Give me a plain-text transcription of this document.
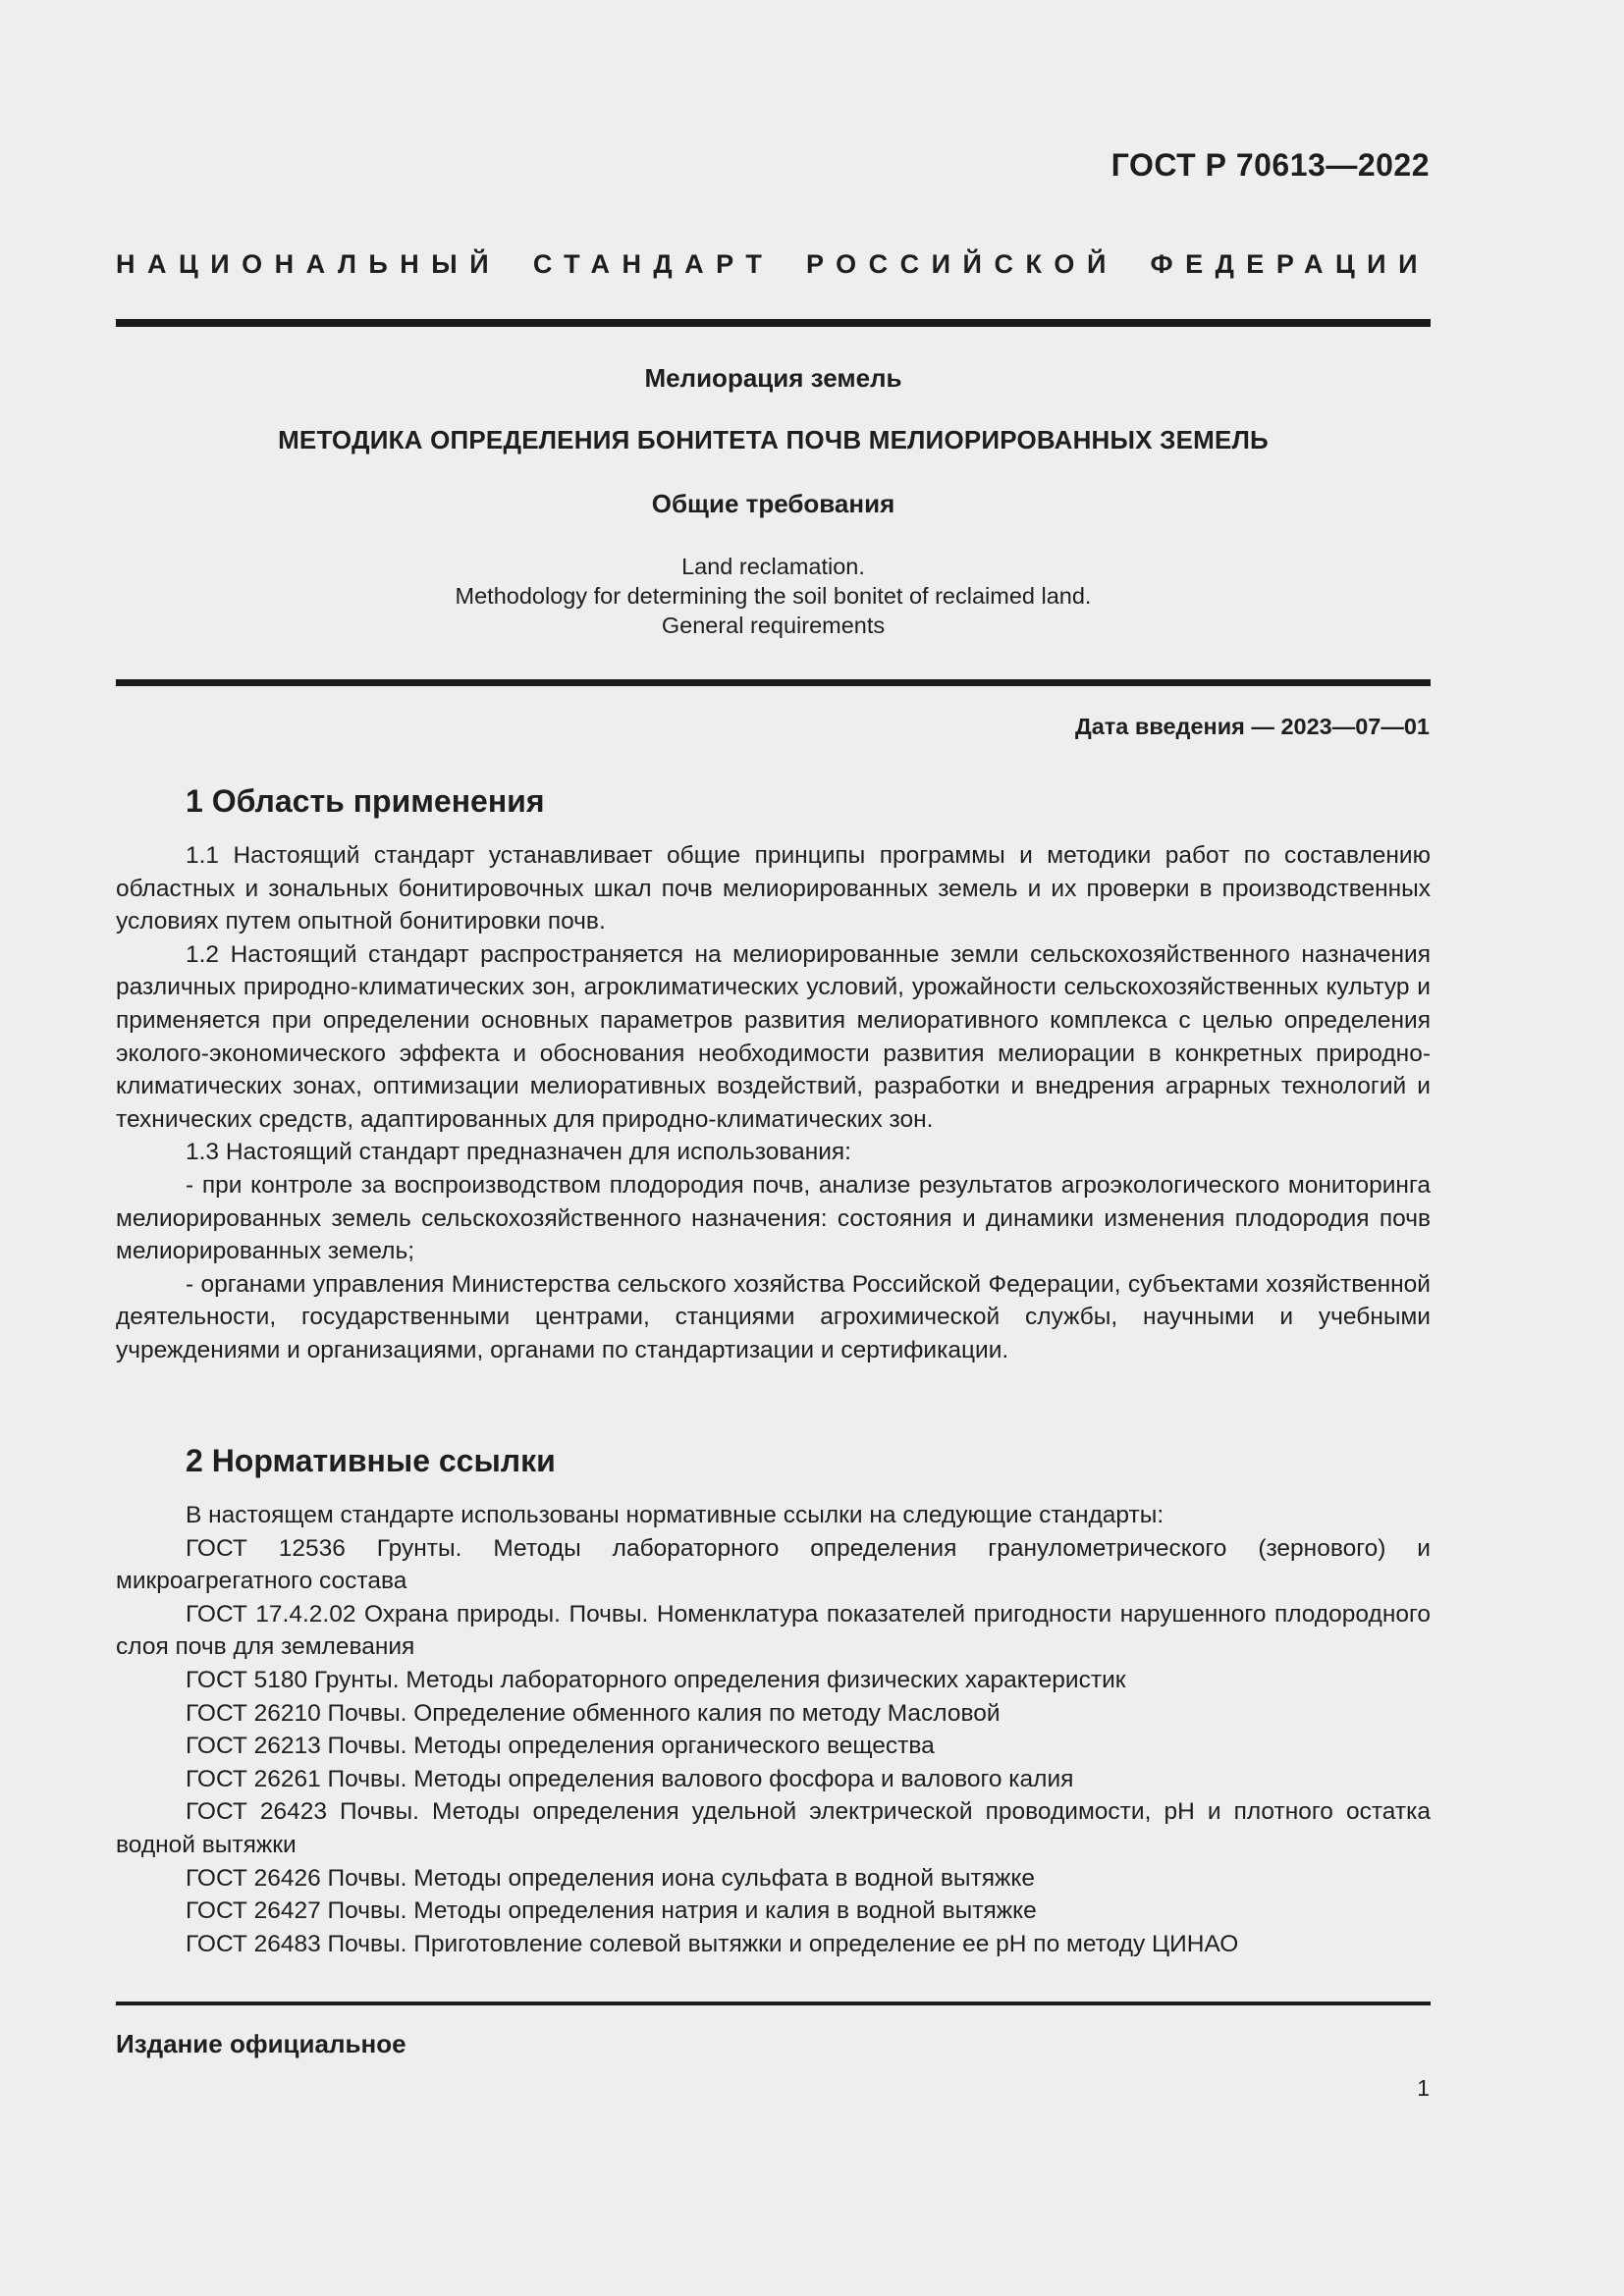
ГОСТ Р 70613—2022
НАЦИОНАЛЬНЫЙ СТАНДАРТ РОССИЙСКОЙ ФЕДЕРАЦИИ
Мелиорация земель
МЕТОДИКА ОПРЕДЕЛЕНИЯ БОНИТЕТА ПОЧВ МЕЛИОРИРОВАННЫХ ЗЕМЕЛЬ
Общие требования
Land reclamation.
Methodology for determining the soil bonitet of reclaimed land.
General requirements
Дата введения — 2023—07—01
1 Область применения

1.1 Настоящий стандарт устанавливает общие принципы программы и методики работ по составлению областных и зональных бонитировочных шкал почв мелиорированных земель и их проверки в производственных условиях путем опытной бонитировки почв.

1.2 Настоящий стандарт распространяется на мелиорированные земли сельскохозяйственного назначения различных природно-климатических зон, агроклиматических условий, урожайности сельскохозяйственных культур и применяется при определении основных параметров развития мелиоративного комплекса с целью определения эколого-экономического эффекта и обоснования необходимости развития мелиорации в конкретных природно-климатических зонах, оптимизации мелиоративных воздействий, разработки и внедрения аграрных технологий и технических средств, адаптированных для природно-климатических зон.

1.3 Настоящий стандарт предназначен для использования:

- при контроле за воспроизводством плодородия почв, анализе результатов агроэкологического мониторинга мелиорированных земель сельскохозяйственного назначения: состояния и динамики изменения плодородия почв мелиорированных земель;

- органами управления Министерства сельского хозяйства Российской Федерации, субъектами хозяйственной деятельности, государственными центрами, станциями агрохимической службы, научными и учебными учреждениями и организациями, органами по стандартизации и сертификации.

2 Нормативные ссылки

В настоящем стандарте использованы нормативные ссылки на следующие стандарты:

ГОСТ 12536 Грунты. Методы лабораторного определения гранулометрического (зернового) и микроагрегатного состава

ГОСТ 17.4.2.02 Охрана природы. Почвы. Номенклатура показателей пригодности нарушенного плодородного слоя почв для землевания

ГОСТ 5180 Грунты. Методы лабораторного определения физических характеристик

ГОСТ 26210 Почвы. Определение обменного калия по методу Масловой

ГОСТ 26213 Почвы. Методы определения органического вещества

ГОСТ 26261 Почвы. Методы определения валового фосфора и валового калия

ГОСТ 26423 Почвы. Методы определения удельной электрической проводимости, pH и плотного остатка водной вытяжки

ГОСТ 26426 Почвы. Методы определения иона сульфата в водной вытяжке

ГОСТ 26427 Почвы. Методы определения натрия и калия в водной вытяжке

ГОСТ 26483 Почвы. Приготовление солевой вытяжки и определение ее pH по методу ЦИНАО

Издание официальное
1
